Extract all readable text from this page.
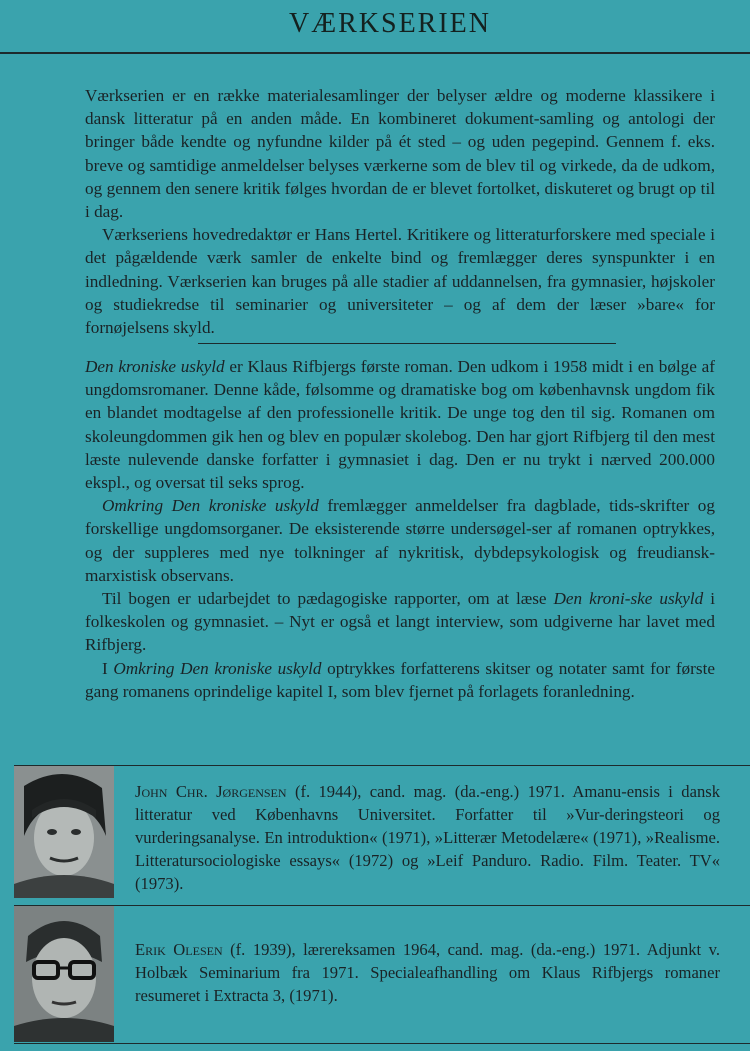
VÆRKSERIEN

Værkserien er en række materialesamlinger der belyser ældre og moderne klassikere i dansk litteratur på en anden måde. En kombineret dokument-samling og antologi der bringer både kendte og nyfundne kilder på ét sted – og uden pegepind. Gennem f. eks. breve og samtidige anmeldelser belyses værkerne som de blev til og virkede, da de udkom, og gennem den senere kritik følges hvordan de er blevet fortolket, diskuteret og brugt op til i dag.

Værkseriens hovedredaktør er Hans Hertel. Kritikere og litteraturforskere med speciale i det pågældende værk samler de enkelte bind og fremlægger deres synspunkter i en indledning. Værkserien kan bruges på alle stadier af uddannelsen, fra gymnasier, højskoler og studiekredse til seminarier og universiteter – og af dem der læser »bare« for fornøjelsens skyld.

Den kroniske uskyld er Klaus Rifbjergs første roman. Den udkom i 1958 midt i en bølge af ungdomsromaner. Denne kåde, følsomme og dramatiske bog om københavnsk ungdom fik en blandet modtagelse af den professionelle kritik. De unge tog den til sig. Romanen om skoleungdommen gik hen og blev en populær skolebog. Den har gjort Rifbjerg til den mest læste nulevende danske forfatter i gymnasiet i dag. Den er nu trykt i nærved 200.000 ekspl., og oversat til seks sprog.

Omkring Den kroniske uskyld fremlægger anmeldelser fra dagblade, tids-skrifter og forskellige ungdomsorganer. De eksisterende større undersøgel-ser af romanen optrykkes, og der suppleres med nye tolkninger af nykritisk, dybdepsykologisk og freudiansk-marxistisk observans.

Til bogen er udarbejdet to pædagogiske rapporter, om at læse Den kroni-ske uskyld i folkeskolen og gymnasiet. – Nyt er også et langt interview, som udgiverne har lavet med Rifbjerg.

I Omkring Den kroniske uskyld optrykkes forfatterens skitser og notater samt for første gang romanens oprindelige kapitel I, som blev fjernet på forlagets foranledning.

John Chr. Jørgensen (f. 1944), cand. mag. (da.-eng.) 1971. Amanu-ensis i dansk litteratur ved Københavns Universitet. Forfatter til »Vur-deringsteori og vurderingsanalyse. En introduktion« (1971), »Litterær Metodelære« (1971), »Realisme. Litteratursociologiske essays« (1972) og »Leif Panduro. Radio. Film. Teater. TV« (1973).

Erik Olesen (f. 1939), lærereksamen 1964, cand. mag. (da.-eng.) 1971. Adjunkt v. Holbæk Seminarium fra 1971. Specialeafhandling om Klaus Rifbjergs romaner resumeret i Extracta 3, (1971).
